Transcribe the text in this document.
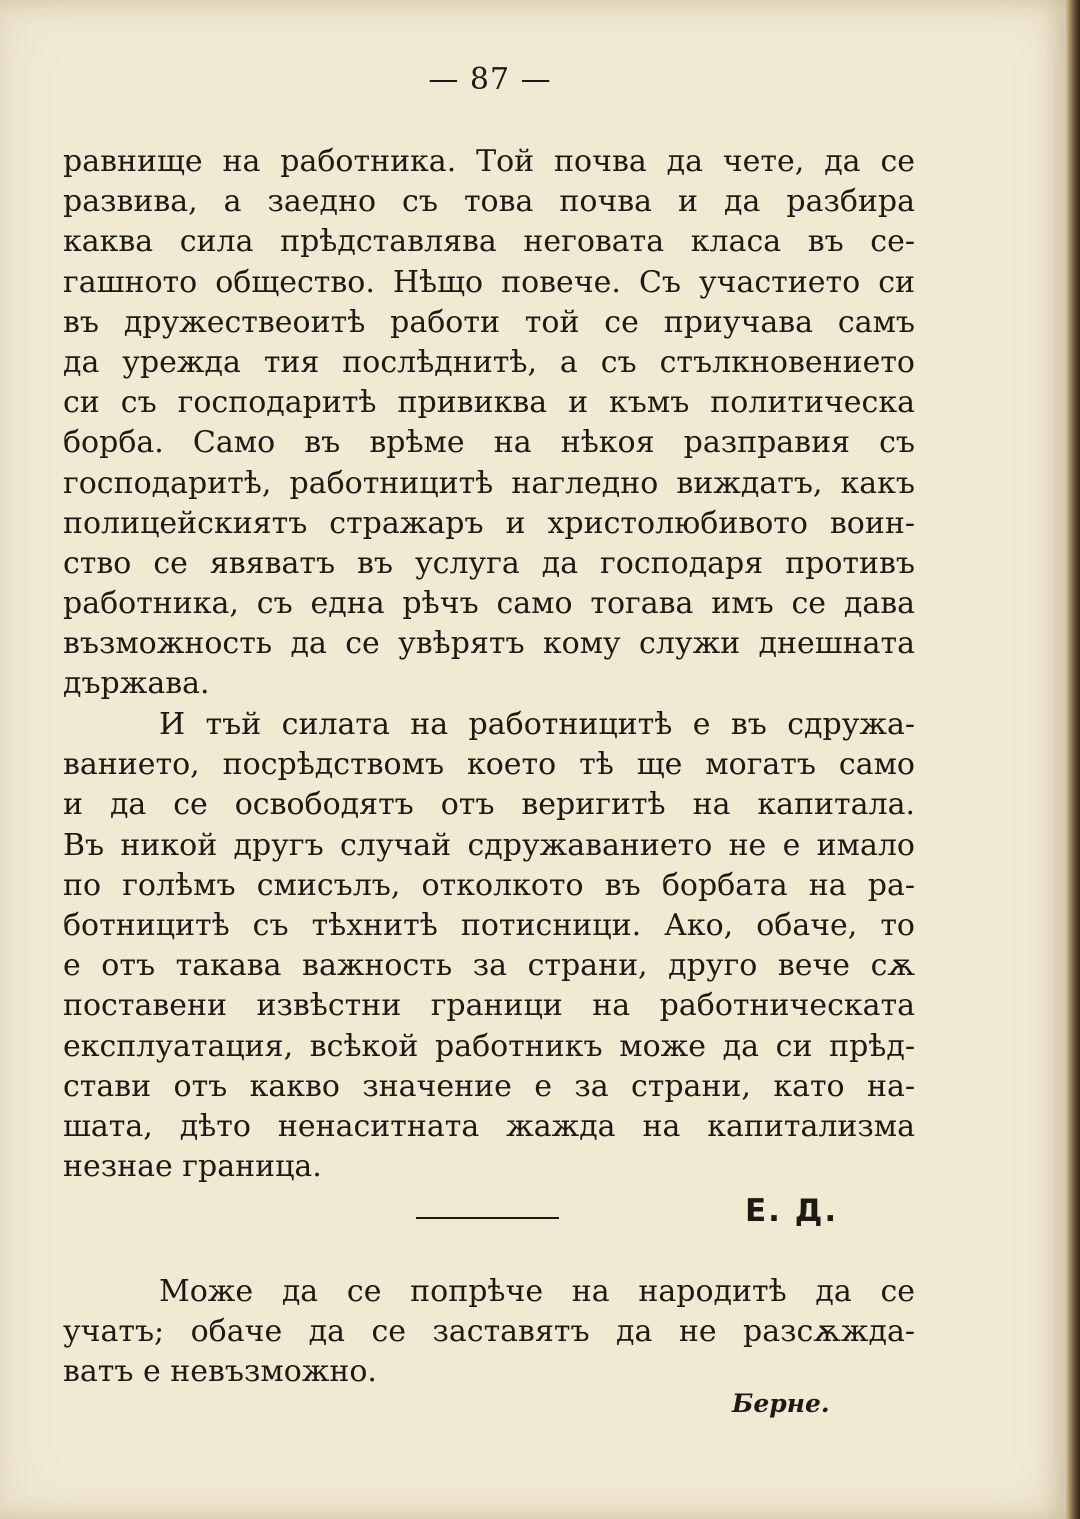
— 87 —
равнище на работника. Той почва да чете, да се
развива, а заедно съ това почва и да разбира
каква сила прѣдставлява неговата класа въ се-
гашното общество. Нѣщо повече. Съ участието си
въ дружествеоитѣ работи той се приучава самъ
да урежда тия послѣднитѣ, а съ стълкновението
си съ господаритѣ привиква и къмъ политическа
борба. Само въ врѣме на нѣкоя разправия съ
господаритѣ, работницитѣ нагледно виждатъ, какъ
полицейскиятъ стражаръ и христолюбивото воин-
ство се явяватъ въ услуга да господаря противъ
работника, съ една рѣчъ само тогава имъ се дава
възможность да се увѣрятъ кому служи днешната
държава.
И тъй силата на работницитѣ е въ сдружа-
ванието, посрѣдствомъ което тѣ ще могатъ само
и да се освободятъ отъ веригитѣ на капитала.
Въ никой другъ случай сдружаванието не е имало
по голѣмъ смисълъ, отколкото въ борбата на ра-
ботницитѣ съ тѣхнитѣ потисници. Ако, обаче, то
е отъ такава важность за страни, друго вече сѫ
поставени извѣстни граници на работническата
експлуатация, всѣкой работникъ може да си прѣд-
стави отъ какво значение е за страни, като на-
шата, дѣто ненаситната жажда на капитализма
незнае граница.
Е. Д.
Може да се попрѣче на народитѣ да се
учатъ; обаче да се заставятъ да не разсѫжда-
ватъ е невъзможно.
Берне.
